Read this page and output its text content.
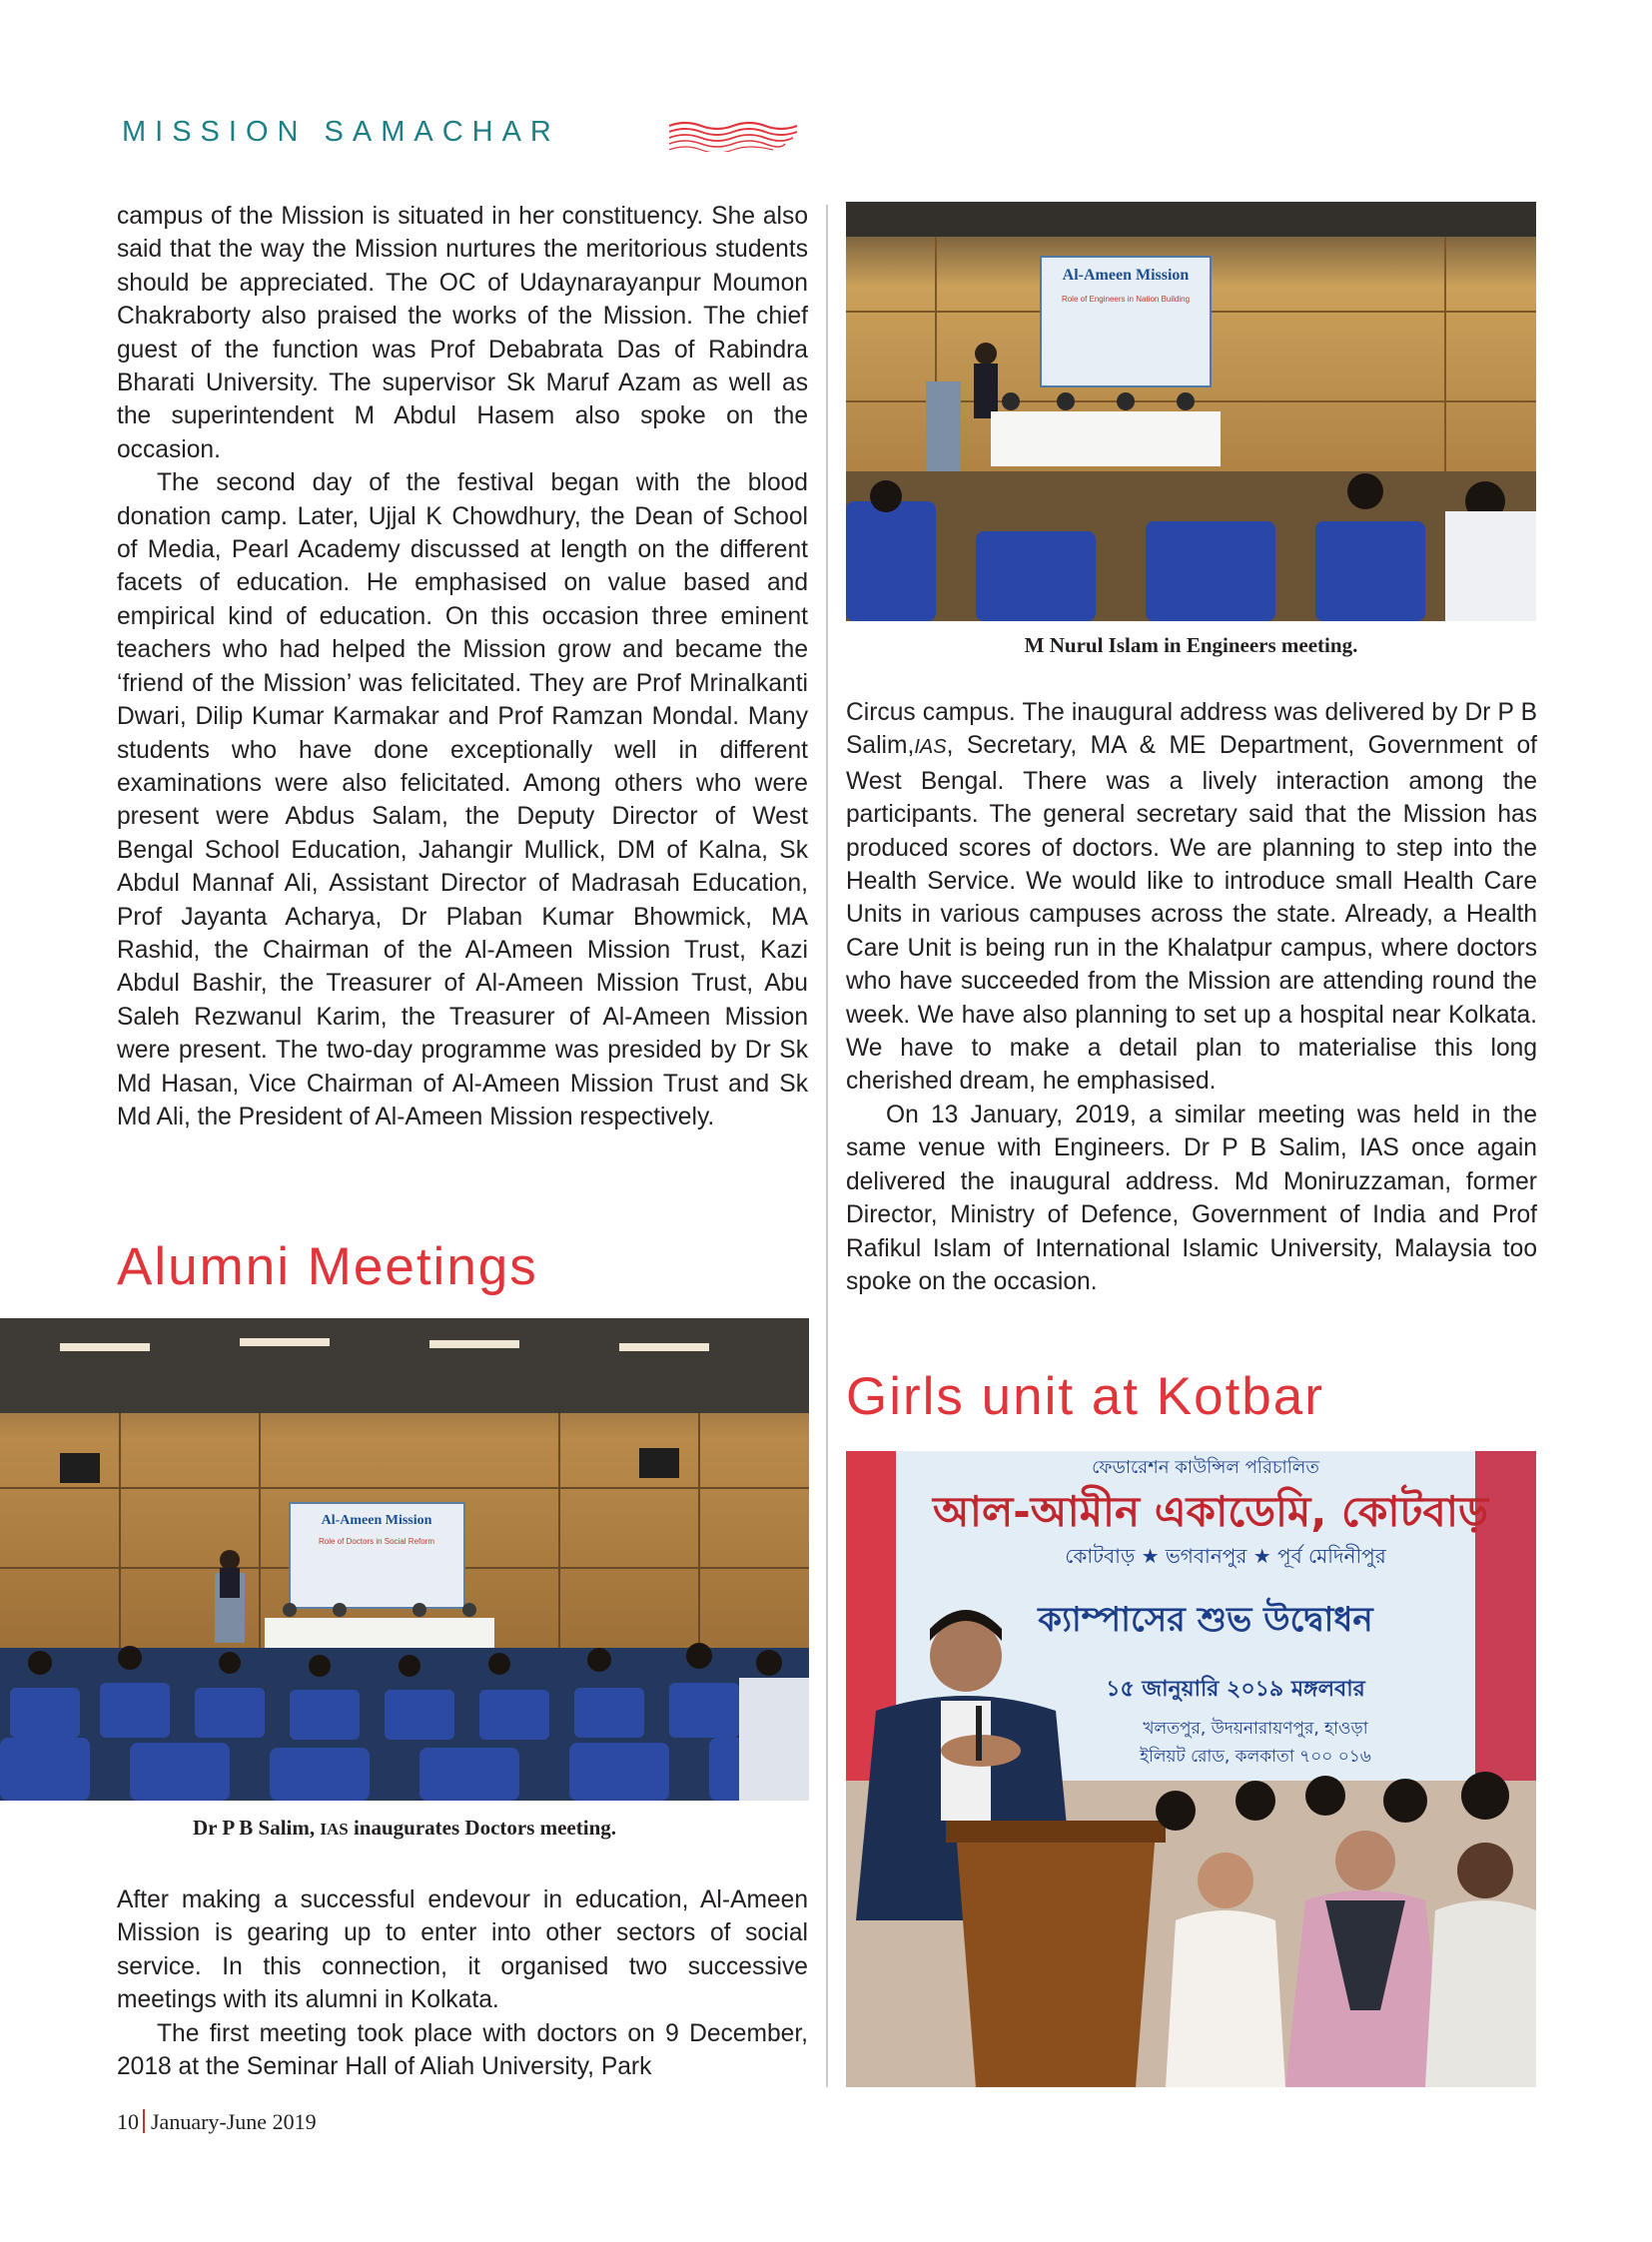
MISSION SAMACHAR

campus of the Mission is situated in her constituency. She also said that the way the Mission nurtures the meritorious students should be appreciated. The OC of Udaynarayanpur Moumon Chakraborty also praised the works of the Mission. The chief guest of the function was Prof Debabrata Das of Rabindra Bharati University. The supervisor Sk Maruf Azam as well as the superintendent M Abdul Hasem also spoke on the occasion.

The second day of the festival began with the blood donation camp. Later, Ujjal K Chowdhury, the Dean of School of Media, Pearl Academy discussed at length on the different facets of education. He emphasised on value based and empirical kind of education. On this occasion three eminent teachers who had helped the Mission grow and became the ‘friend of the Mission’ was felicitated. They are Prof Mrinalkanti Dwari, Dilip Kumar Karmakar and Prof Ramzan Mondal. Many students who have done exceptionally well in different examinations were also felicitated. Among others who were present were Abdus Salam, the Deputy Director of West Bengal School Education, Jahangir Mullick, DM of Kalna, Sk Abdul Mannaf Ali, Assistant Director of Madrasah Education, Prof Jayanta Acharya, Dr Plaban Kumar Bhowmick, MA Rashid, the Chairman of the Al-Ameen Mission Trust, Kazi Abdul Bashir, the Treasurer of Al-Ameen Mission Trust, Abu Saleh Rezwanul Karim, the Treasurer of Al-Ameen Mission were present. The two-day programme was presided by Dr Sk Md Hasan, Vice Chairman of Al-Ameen Mission Trust and Sk Md Ali, the President of Al-Ameen Mission respectively.

Alumni Meetings
Al-Ameen Mission
Role of Doctors in Social Reform
Dr P B Salim, IAS inaugurates Doctors meeting.

After making a successful endevour in education, Al-Ameen Mission is gearing up to enter into other sectors of social service. In this connection, it organised two successive meetings with its alumni in Kolkata.

The first meeting took place with doctors on 9 December, 2018 at the Seminar Hall of Aliah University, Park

Al-Ameen Mission
Role of Engineers in Nation Building
M Nurul Islam in Engineers meeting.

Circus campus. The inaugural address was delivered by Dr P B Salim,IAS, Secretary, MA & ME Department, Government of West Bengal. There was a lively interaction among the participants. The general secretary said that the Mission has produced scores of doctors. We are planning to step into the Health Service. We would like to introduce small Health Care Units in various campuses across the state. Already, a Health Care Unit is being run in the Khalatpur campus, where doctors who have succeeded from the Mission are attending round the week. We have also planning to set up a hospital near Kolkata. We have to make a detail plan to materialise this long cherished dream, he emphasised.

On 13 January, 2019, a similar meeting was held in the same venue with Engineers. Dr P B Salim, IAS once again delivered the inaugural address. Md Moniruzzaman, former Director, Ministry of Defence, Government of India and Prof Rafikul Islam of International Islamic University, Malaysia too spoke on the occasion.

Girls unit at Kotbar
ফেডারেশন কাউন্সিল পরিচালিত
আল-আমীন একাডেমি, কোটবাড়
কোটবাড় ★ ভগবানপুর ★ পূর্ব মেদিনীপুর
ক্যাম্পাসের শুভ উদ্বোধন
১৫ জানুয়ারি ২০১৯ মঙ্গলবার
খলতপুর, উদয়নারায়ণপুর, হাওড়া
ইলিয়ট রোড, কলকাতা ৭০০ ০১৬
10 January-June 2019
